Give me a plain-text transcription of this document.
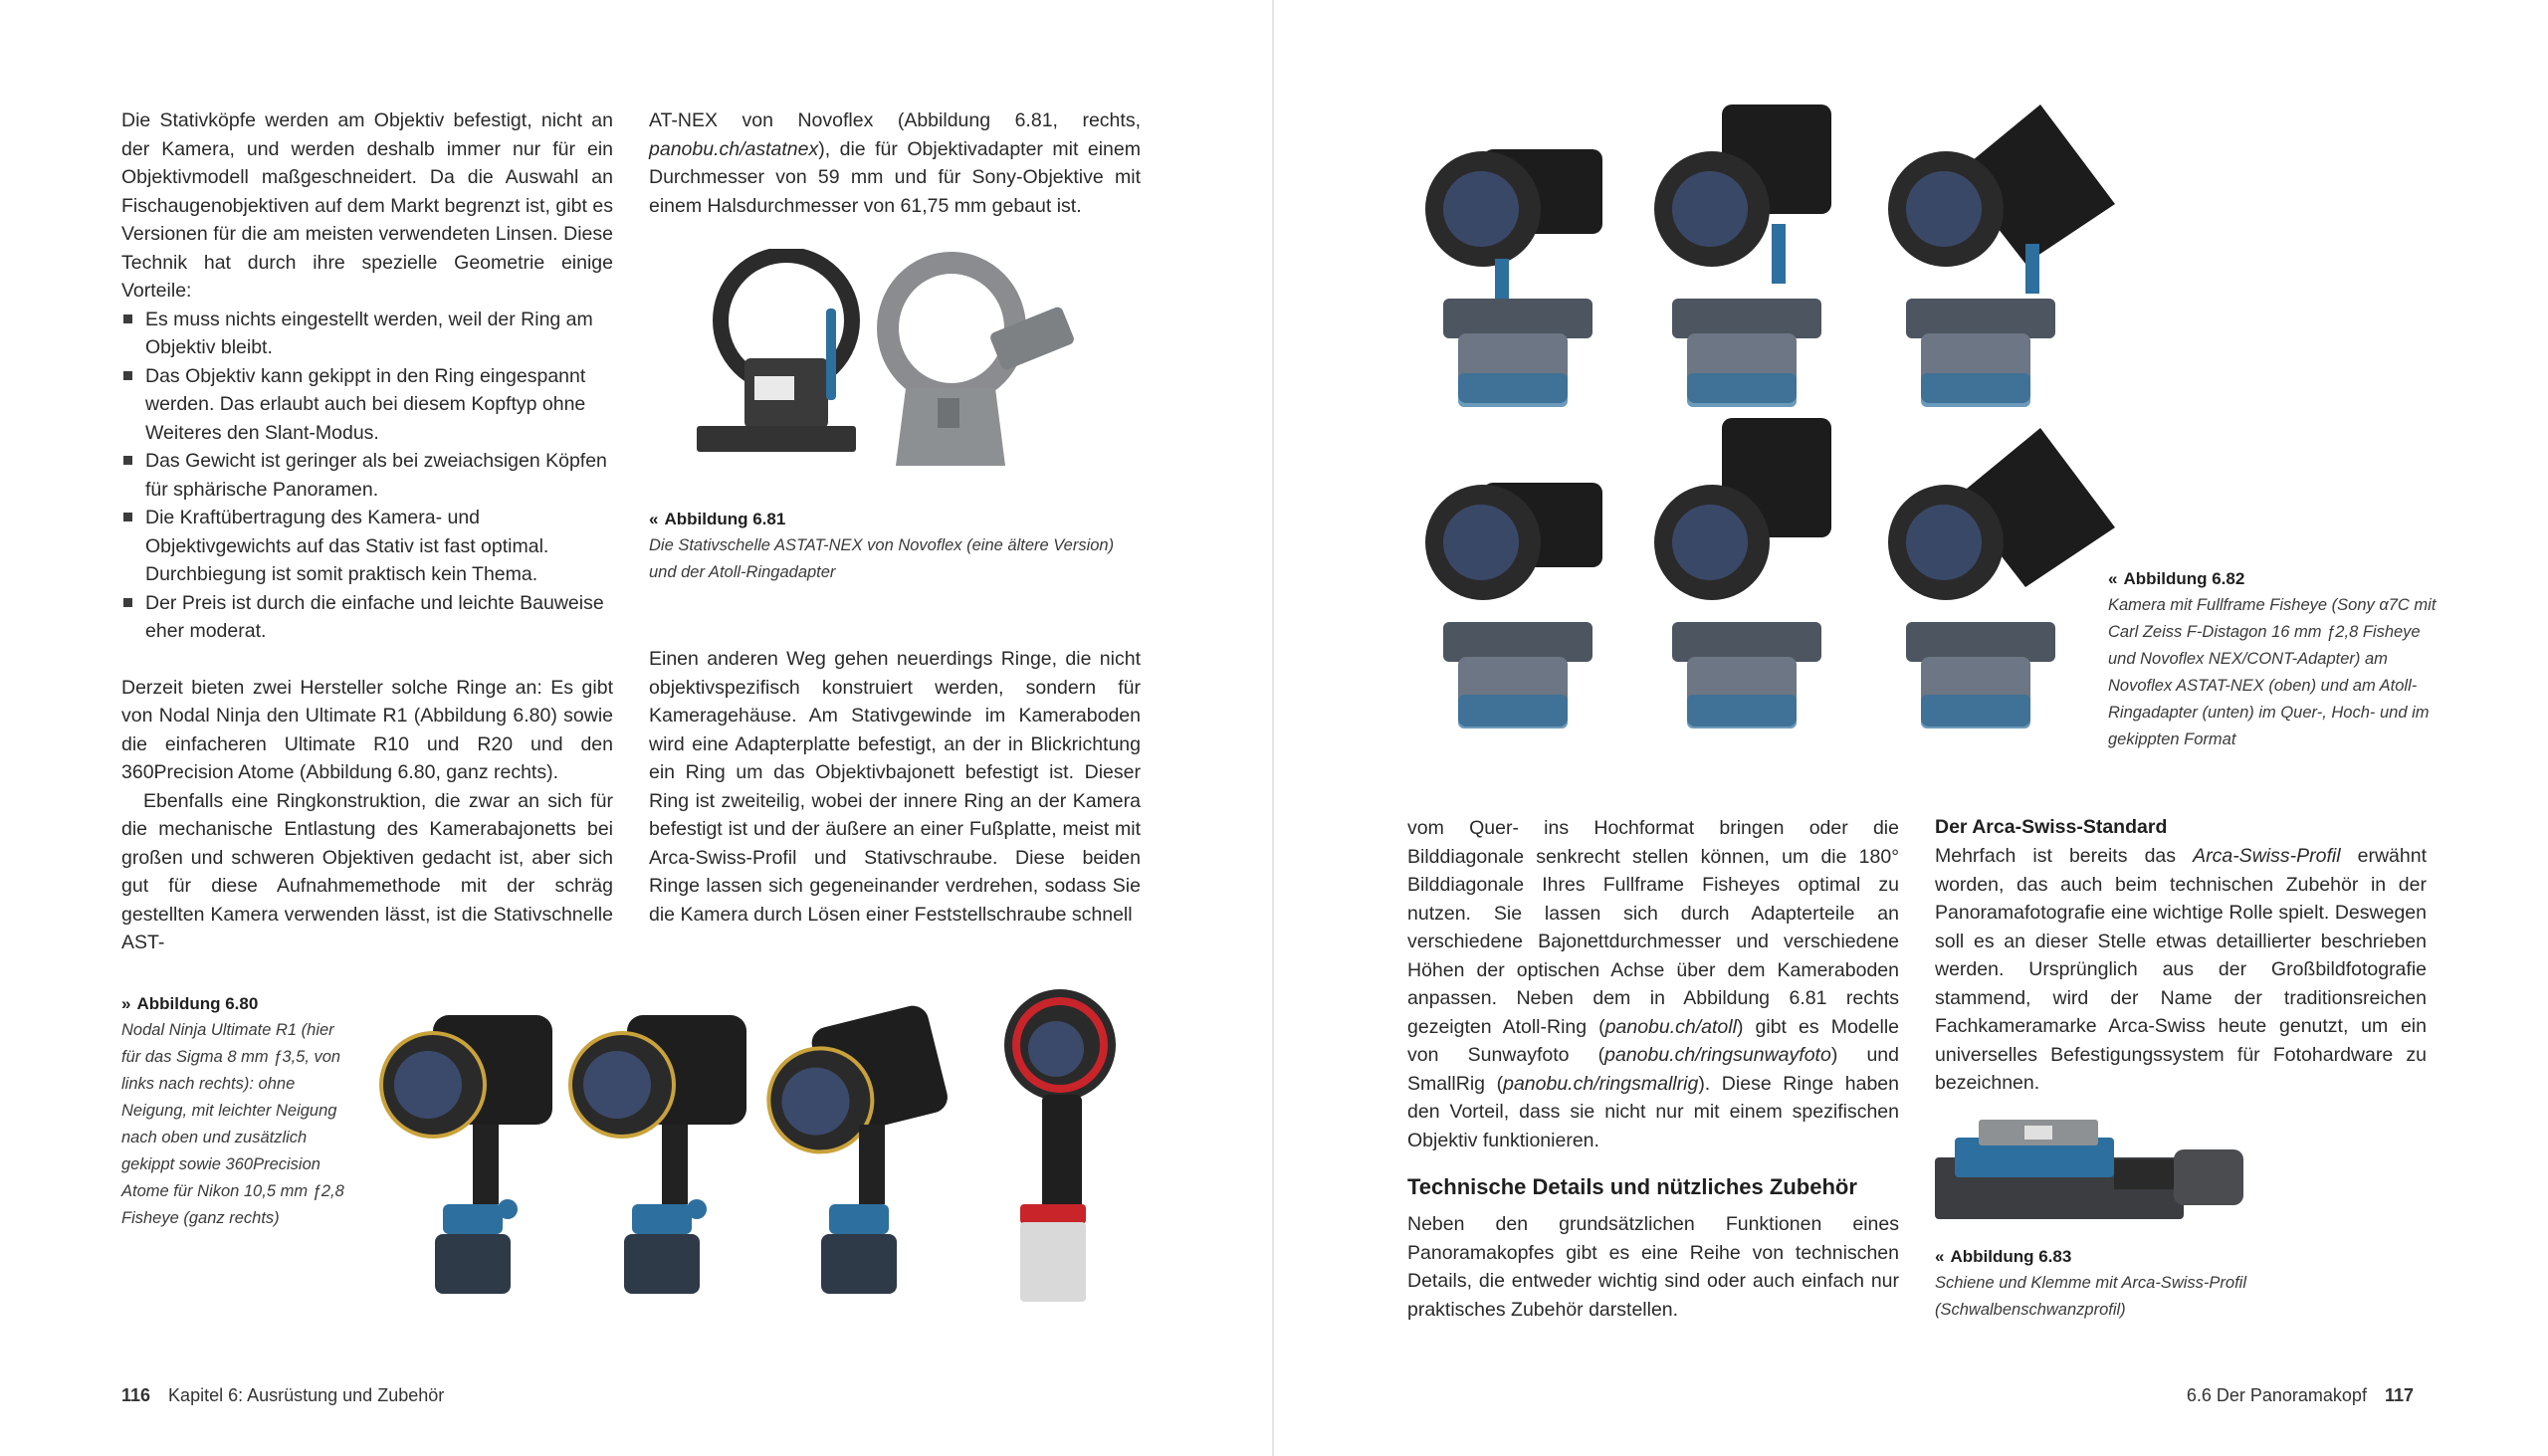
Die Stativköpfe werden am Objektiv befestigt, nicht an der Kamera, und werden deshalb immer nur für ein Objektivmodell maßgeschneidert. Da die Auswahl an Fischaugenobjektiven auf dem Markt begrenzt ist, gibt es Versionen für die am meisten verwendeten Linsen. Diese Technik hat durch ihre spezielle Geometrie einige Vorteile:

Es muss nichts eingestellt werden, weil der Ring am Objektiv bleibt.
Das Objektiv kann gekippt in den Ring eingespannt werden. Das erlaubt auch bei diesem Kopftyp ohne Weiteres den Slant-Modus.
Das Gewicht ist geringer als bei zweiachsigen Köpfen für sphärische Panoramen.
Die Kraftübertragung des Kamera- und Objektivgewichts auf das Stativ ist fast optimal. Durchbiegung ist somit praktisch kein Thema.
Der Preis ist durch die einfache und leichte Bauweise eher moderat.

Derzeit bieten zwei Hersteller solche Ringe an: Es gibt von Nodal Ninja den Ultimate R1 (Abbildung 6.80) sowie die einfacheren Ultimate R10 und R20 und den 360Precision Atome (Abbildung 6.80, ganz rechts).

Ebenfalls eine Ringkonstruktion, die zwar an sich für die mechanische Entlastung des Kamerabajonetts bei großen und schweren Objektiven gedacht ist, aber sich gut für diese Aufnahmemethode mit der schräg gestellten Kamera verwenden lässt, ist die Stativschnelle AST-

AT-NEX von Novoflex (Abbildung 6.81, rechts, panobu.ch/astatnex), die für Objektivadapter mit einem Durchmesser von 59 mm und für Sony-Objektive mit einem Halsdurchmesser von 61,75 mm gebaut ist.

Einen anderen Weg gehen neuerdings Ringe, die nicht objektivspezifisch konstruiert werden, sondern für Kameragehäuse. Am Stativgewinde im Kameraboden wird eine Adapterplatte befestigt, an der in Blickrichtung ein Ring um das Objektivbajonett befestigt ist. Dieser Ring ist zweiteilig, wobei der innere Ring an der Kamera befestigt ist und der äußere an einer Fußplatte, meist mit Arca-Swiss-Profil und Stativschraube. Diese beiden Ringe lassen sich gegeneinander verdrehen, sodass Sie die Kamera durch Lösen einer Feststellschraube schnell

« Abbildung 6.81
Die Stativschelle ASTAT-NEX von Novoflex (eine ältere Version) und der Atoll-Ringadapter
» Abbildung 6.80
Nodal Ninja Ultimate R1 (hier für das Sigma 8 mm ƒ3,5, von links nach rechts): ohne Neigung, mit leichter Neigung nach oben und zusätzlich gekippt sowie 360Precision Atome für Nikon 10,5 mm ƒ2,8 Fisheye (ganz rechts)
116 Kapitel 6: Ausrüstung und Zubehör
« Abbildung 6.82
Kamera mit Fullframe Fisheye (Sony α7C mit Carl Zeiss F-Distagon 16 mm ƒ2,8 Fisheye und Novoflex NEX/CONT-Adapter) am Novoflex ASTAT-NEX (oben) und am Atoll-Ringadapter (unten) im Quer-, Hoch- und im gekippten Format

vom Quer- ins Hochformat bringen oder die Bilddiagonale senkrecht stellen können, um die 180° Bilddiagonale Ihres Fullframe Fisheyes optimal zu nutzen. Sie lassen sich durch Adapterteile an verschiedene Bajonettdurchmesser und verschiedene Höhen der optischen Achse über dem Kameraboden anpassen. Neben dem in Abbildung 6.81 rechts gezeigten Atoll-Ring (panobu.ch/atoll) gibt es Modelle von Sunwayfoto (panobu.ch/ringsunwayfoto) und SmallRig (panobu.ch/ringsmallrig). Diese Ringe haben den Vorteil, dass sie nicht nur mit einem spezifischen Objektiv funktionieren.

Technische Details und nützliches Zubehör

Neben den grundsätzlichen Funktionen eines Panoramakopfes gibt es eine Reihe von technischen Details, die entweder wichtig sind oder auch einfach nur praktisches Zubehör darstellen.

Der Arca-Swiss-Standard

Mehrfach ist bereits das Arca-Swiss-Profil erwähnt worden, das auch beim technischen Zubehör in der Panoramafotografie eine wichtige Rolle spielt. Deswegen soll es an dieser Stelle etwas detaillierter beschrieben werden. Ursprünglich aus der Großbildfotografie stammend, wird der Name der traditionsreichen Fachkameramarke Arca-Swiss heute genutzt, um ein universelles Befestigungssystem für Fotohardware zu bezeichnen.

« Abbildung 6.83
Schiene und Klemme mit Arca-Swiss-Profil (Schwalbenschwanzprofil)
6.6 Der Panoramakopf 117
